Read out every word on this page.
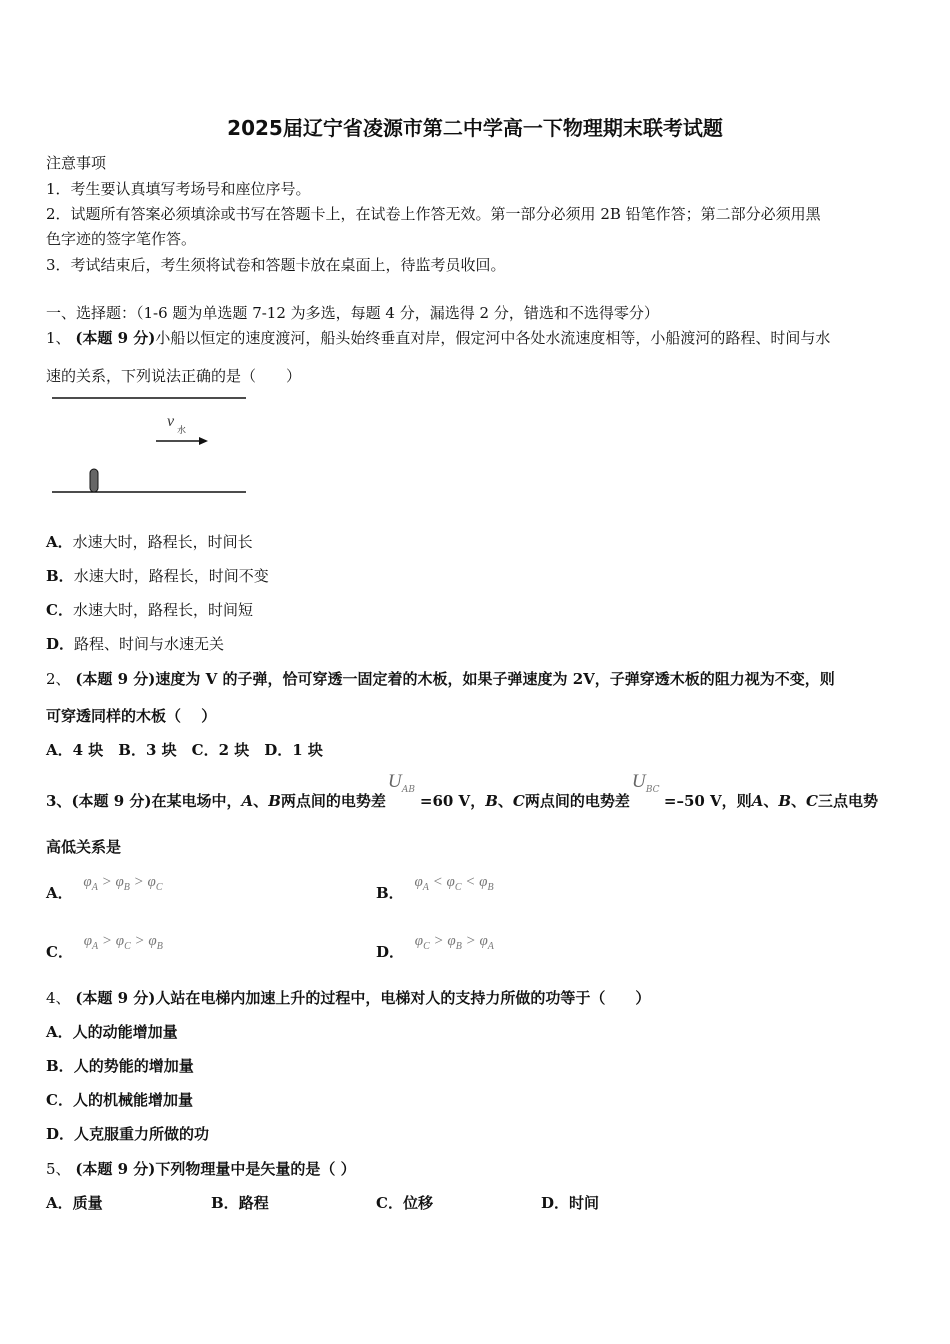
2025届辽宁省凌源市第二中学高一下物理期末联考试题
注意事项
1．考生要认真填写考场号和座位序号。
2．试题所有答案必须填涂或书写在答题卡上，在试卷上作答无效。第一部分必须用 2B 铅笔作答；第二部分必须用黑
色字迹的签字笔作答。
3．考试结束后，考生须将试卷和答题卡放在桌面上，待监考员收回。
一、选择题：（1-6 题为单选题 7-12 为多选，每题 4 分，漏选得 2 分，错选和不选得零分）
1、 (本题 9 分)小船以恒定的速度渡河，船头始终垂直对岸，假定河中各处水流速度相等，小船渡河的路程、时间与水
速的关系，下列说法正确的是（　　）
v
水
A．水速大时，路程长，时间长
B．水速大时，路程长，时间不变
C．水速大时，路程长，时间短
D．路程、时间与水速无关
2、 (本题 9 分)速度为 V 的子弹，恰可穿透一固定着的木板，如果子弹速度为 2V，子弹穿透木板的阻力视为不变，则
可穿透同样的木板（　 ）
A．4 块　B．3 块　C．2 块　D．1 块
3、(本题 9 分)在某电场中，A、B两点间的电势差
U AB
=60 V，B、C两点间的电势差
U BC
=–50 V，则A、B、C三点电势
高低关系是
A． $\varphi_A > \varphi_B > \varphi_C$	B． $\varphi_A < \varphi_C < \varphi_B$
C． $\varphi_A > \varphi_C > \varphi_B$	D． $\varphi_C > \varphi_B > \varphi_A$
4、 (本题 9 分)人站在电梯内加速上升的过程中，电梯对人的支持力所做的功等于（　　）
A．人的动能增加量
B．人的势能的增加量
C．人的机械能增加量
D．人克服重力所做的功
5、 (本题 9 分)下列物理量中是矢量的是（ ）
A．质量	B．路程	C．位移	D．时间
